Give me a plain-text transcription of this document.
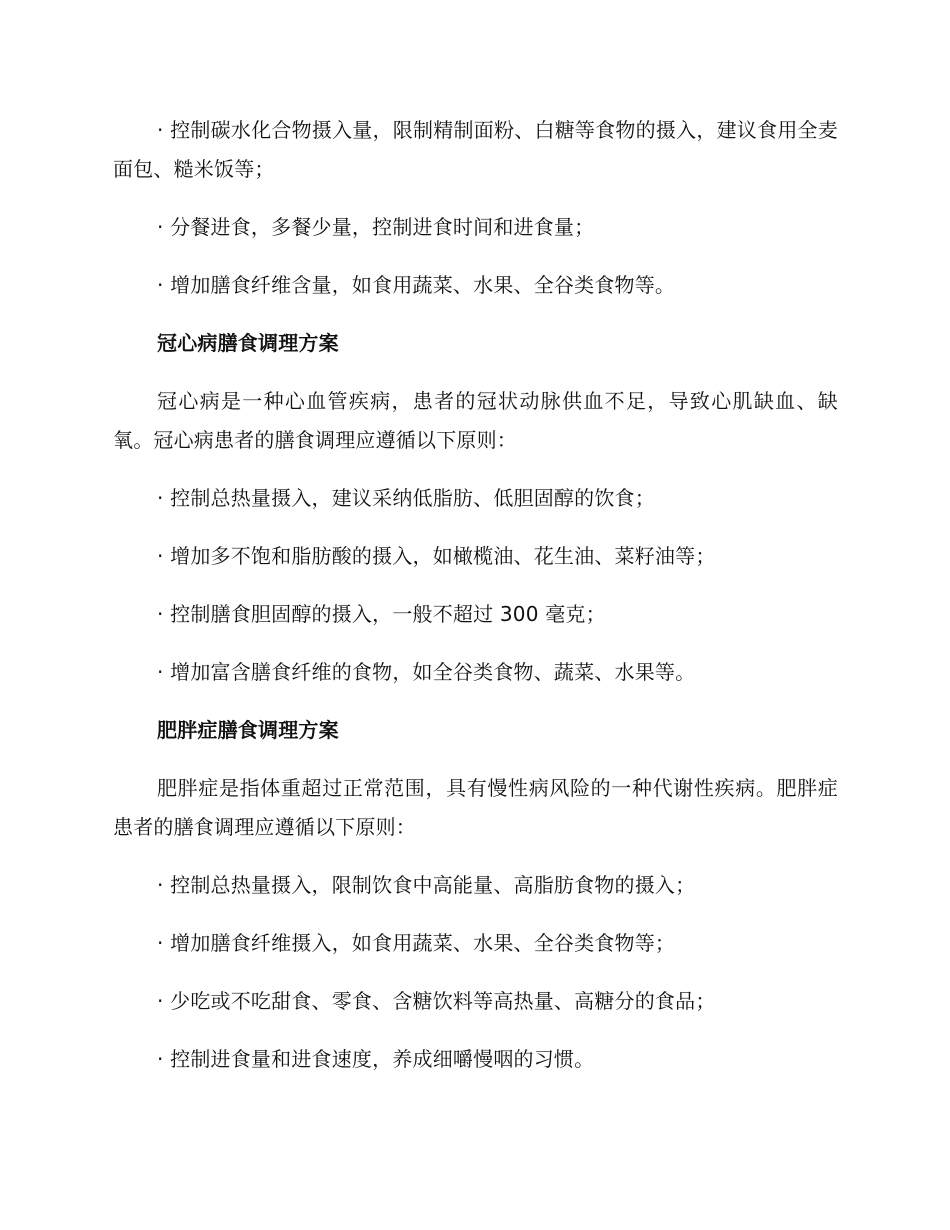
· 控制碳水化合物摄入量，限制精制面粉、白糖等食物的摄入，建议食用全麦面包、糙米饭等；

· 分餐进食，多餐少量，控制进食时间和进食量；

· 增加膳食纤维含量，如食用蔬菜、水果、全谷类食物等。

冠心病膳食调理方案

冠心病是一种心血管疾病，患者的冠状动脉供血不足，导致心肌缺血、缺氧。冠心病患者的膳食调理应遵循以下原则：

· 控制总热量摄入，建议采纳低脂肪、低胆固醇的饮食；

· 增加多不饱和脂肪酸的摄入，如橄榄油、花生油、菜籽油等；

· 控制膳食胆固醇的摄入，一般不超过 300 毫克；

· 增加富含膳食纤维的食物，如全谷类食物、蔬菜、水果等。

肥胖症膳食调理方案

肥胖症是指体重超过正常范围，具有慢性病风险的一种代谢性疾病。肥胖症患者的膳食调理应遵循以下原则：

· 控制总热量摄入，限制饮食中高能量、高脂肪食物的摄入；

· 增加膳食纤维摄入，如食用蔬菜、水果、全谷类食物等；

· 少吃或不吃甜食、零食、含糖饮料等高热量、高糖分的食品；

· 控制进食量和进食速度，养成细嚼慢咽的习惯。
